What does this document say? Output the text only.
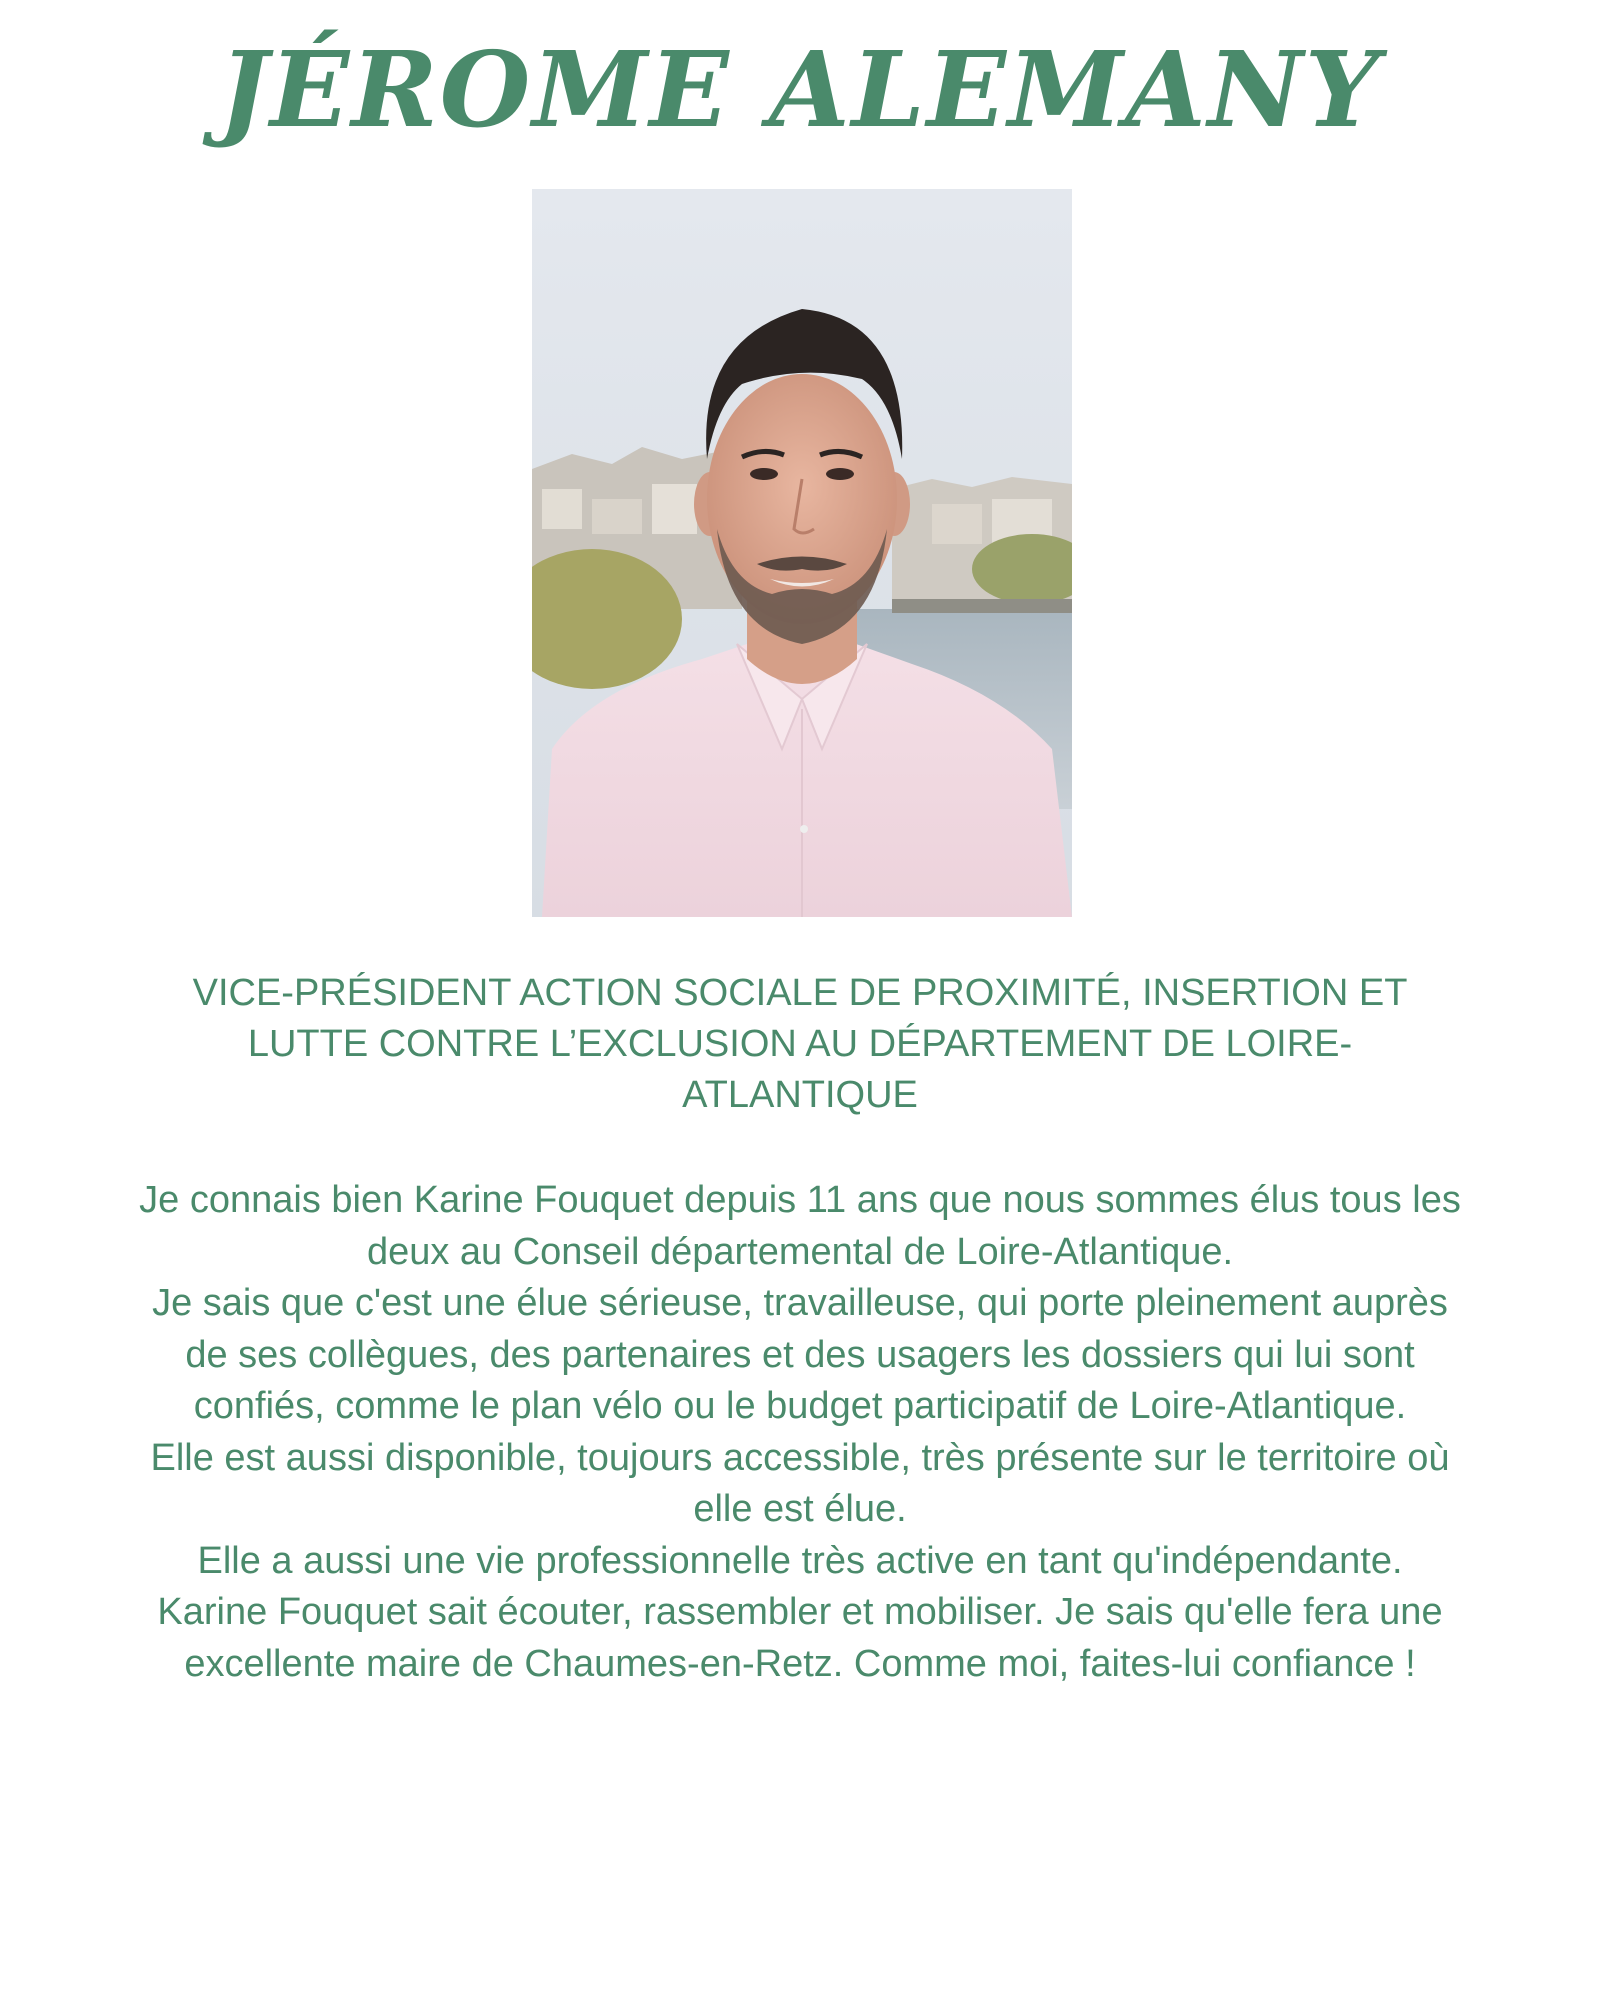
JÉROME ALEMANY
VICE-PRÉSIDENT ACTION SOCIALE DE PROXIMITÉ, INSERTION ET
LUTTE CONTRE L’EXCLUSION AU DÉPARTEMENT DE LOIRE-
ATLANTIQUE

Je connais bien Karine Fouquet depuis 11 ans que nous sommes élus tous les deux au Conseil départemental de Loire-Atlantique.

Je sais que c'est une élue sérieuse, travailleuse, qui porte pleinement auprès de ses collègues, des partenaires et des usagers les dossiers qui lui sont confiés, comme le plan vélo ou le budget participatif de Loire-Atlantique.

Elle est aussi disponible, toujours accessible, très présente sur le territoire où elle est élue.

Elle a aussi une vie professionnelle très active en tant qu'indépendante.

Karine Fouquet sait écouter, rassembler et mobiliser. Je sais qu'elle fera une excellente maire de Chaumes-en-Retz. Comme moi, faites-lui confiance !
